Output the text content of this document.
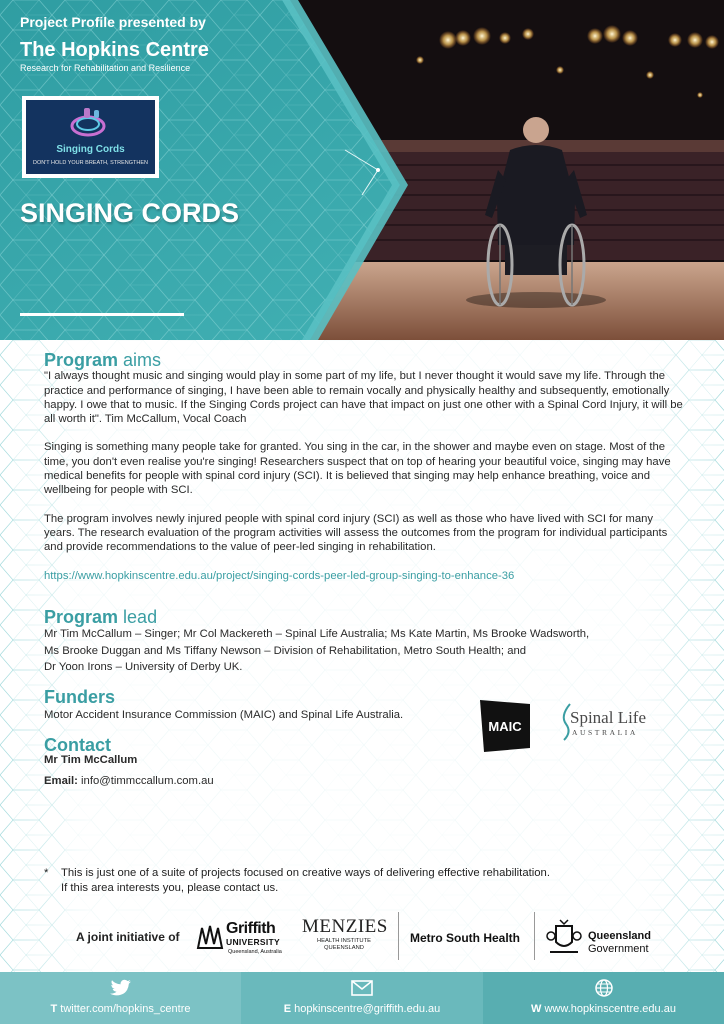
Project Profile presented by
The Hopkins Centre
Research for Rehabilitation and Resilience
Singing Cords
DON'T HOLD YOUR BREATH, STRENGTHEN
SINGING CORDS
Program aims

"I always thought music and singing would play in some part of my life, but I never thought it would save my life. Through the practice and performance of singing, I have been able to remain vocally and physically healthy and subsequently, emotionally happy. I owe that to music. If the Singing Cords project can have that impact on just one other with a Spinal Cord Injury, it will be all worth it". Tim McCallum, Vocal Coach

Singing is something many people take for granted. You sing in the car, in the shower and maybe even on stage. Most of the time, you don't even realise you're singing! Researchers suspect that on top of hearing your beautiful voice, singing may have medical benefits for people with spinal cord injury (SCI). It is believed that singing may help enhance breathing, voice and wellbeing for people with SCI.

The program involves newly injured people with spinal cord injury (SCI) as well as those who have lived with SCI for many years. The research evaluation of the program activities will assess the outcomes from the program for individual participants and provide recommendations to the value of peer-led singing in rehabilitation.

https://www.hopkinscentre.edu.au/project/singing-cords-peer-led-group-singing-to-enhance-36

Program lead

Mr Tim McCallum – Singer; Mr Col Mackereth – Spinal Life Australia; Ms Kate Martin, Ms Brooke Wadsworth,

Ms Brooke Duggan and Ms Tiffany Newson – Division of Rehabilitation, Metro South Health; and

Dr Yoon Irons – University of Derby UK.

Funders

Motor Accident Insurance Commission (MAIC) and Spinal Life Australia.

Contact

Mr Tim McCallum

Email: info@timmccallum.com.au

MAIC	Spinal Life
AUSTRALIA
* This is just one of a suite of projects focused on creative ways of delivering effective rehabilitation.
If this area interests you, please contact us.
A joint initiative of	Griffith
UNIVERSITY
Queensland, Australia
MENZIES
HEALTH INSTITUTE
QUEENSLAND
Metro South Health	Queensland
Government
T twitter.com/hopkins_centre	E hopkinscentre@griffith.edu.au	W www.hopkinscentre.edu.au
